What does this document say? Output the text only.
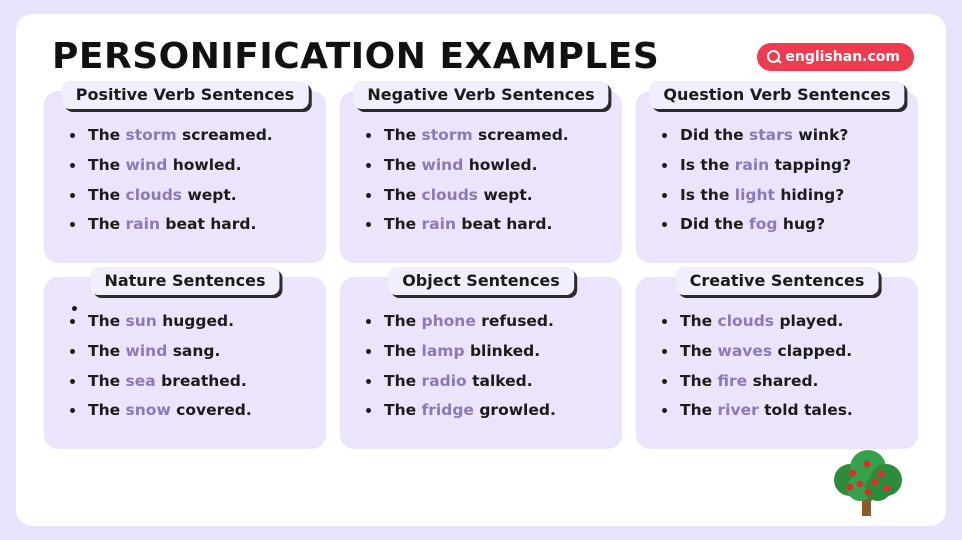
PERSONIFICATION EXAMPLES	englishan.com
Positive Verb Sentences
The storm screamed.
The wind howled.
The clouds wept.
The rain beat hard.
Negative Verb Sentences
The storm screamed.
The wind howled.
The clouds wept.
The rain beat hard.
Question Verb Sentences
Did the stars wink?
Is the rain tapping?
Is the light hiding?
Did the fog hug?
Nature Sentences
The sun hugged.
The wind sang.
The sea breathed.
The snow covered.
Object Sentences
The phone refused.
The lamp blinked.
The radio talked.
The fridge growled.
Creative Sentences
The clouds played.
The waves clapped.
The fire shared.
The river told tales.
